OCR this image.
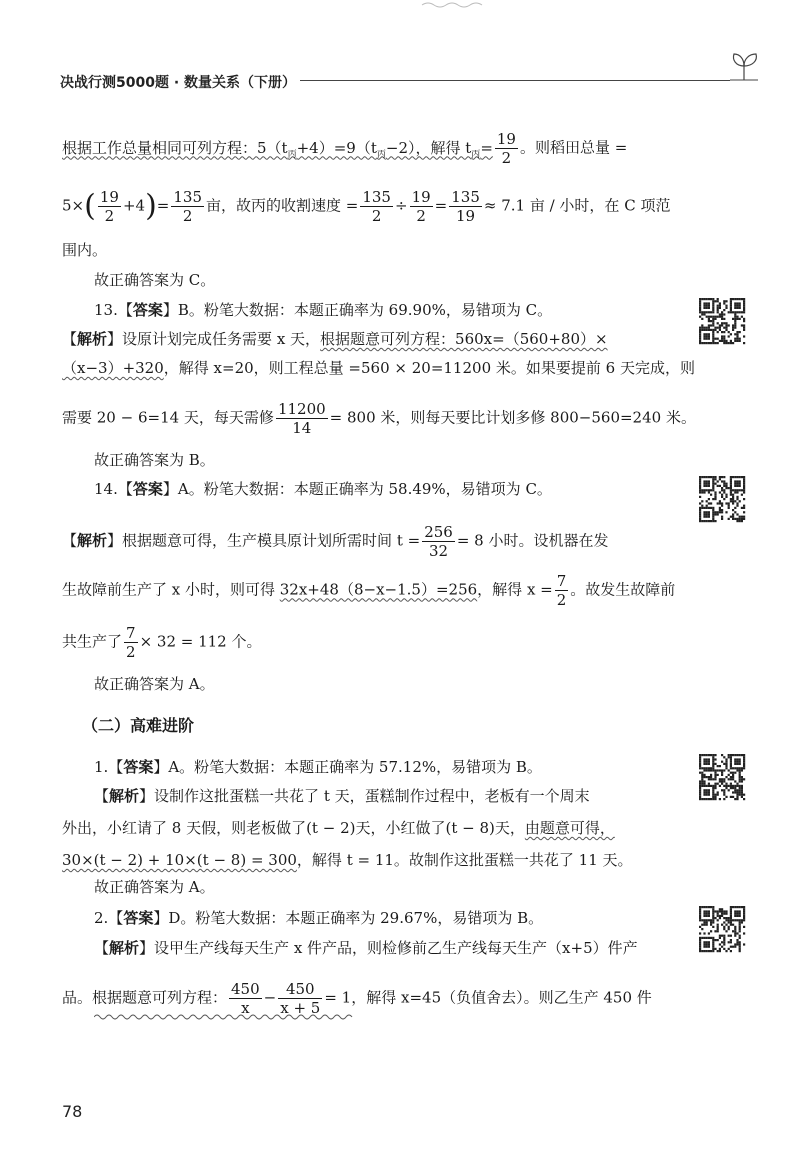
决战行测5000题 · 数量关系（下册）
根据工作总量相同可列方程：$5(t_丙+4)=9(t_丙-2)$，解得 $t_丙= \frac{19}{2}$ 。则稻田总量 =
$5\times( \frac{19}{2} +4)= \frac{135}{2}$ 亩，故丙的收割速度 = $\frac{135}{2} \div \frac{19}{2} = \frac{135}{19} \approx 7.1$ 亩 / 小时，在 C 项范
围内。
故正确答案为 C。
13.【答案】B。粉笔大数据：本题正确率为 69.90%，易错项为 C。
【解析】设原计划完成任务需要 x 天，根据题意可列方程：560x=（560+80）×
（x−3）+320，解得 x=20，则工程总量 =560 × 20=11200 米。如果要提前 6 天完成，则
需要 20 − 6=14 天，每天需修 $\frac{11200}{14} = 800$ 米，则每天要比计划多修 800−560=240 米。
故正确答案为 B。
14.【答案】A。粉笔大数据：本题正确率为 58.49%，易错项为 C。
【解析】根据题意可得，生产模具原计划所需时间 $t = \frac{256}{32} = 8$ 小时。设机器在发
生故障前生产了 x 小时，则可得 32x+48（8−x−1.5）=256，解得 $x = \frac{7}{2}$ 。故发生故障前
共生产了 $\frac{7}{2} \times 32 = 112$ 个。
故正确答案为 A。
（二）高难进阶
1.【答案】A。粉笔大数据：本题正确率为 57.12%，易错项为 B。
【解析】设制作这批蛋糕一共花了 t 天，蛋糕制作过程中，老板有一个周末
外出，小红请了 8 天假，则老板做了(t − 2)天，小红做了(t − 8)天，由题意可得，
30×(t − 2) + 10×(t − 8) = 300，解得 t = 11。故制作这批蛋糕一共花了 11 天。
故正确答案为 A。
2.【答案】D。粉笔大数据：本题正确率为 29.67%，易错项为 B。
【解析】设甲生产线每天生产 x 件产品，则检修前乙生产线每天生产（x+5）件产
品。根据题意可列方程： $\frac{450}{x} - \frac{450}{x + 5} = 1$，解得 x=45（负值舍去）。则乙生产 450 件
78
